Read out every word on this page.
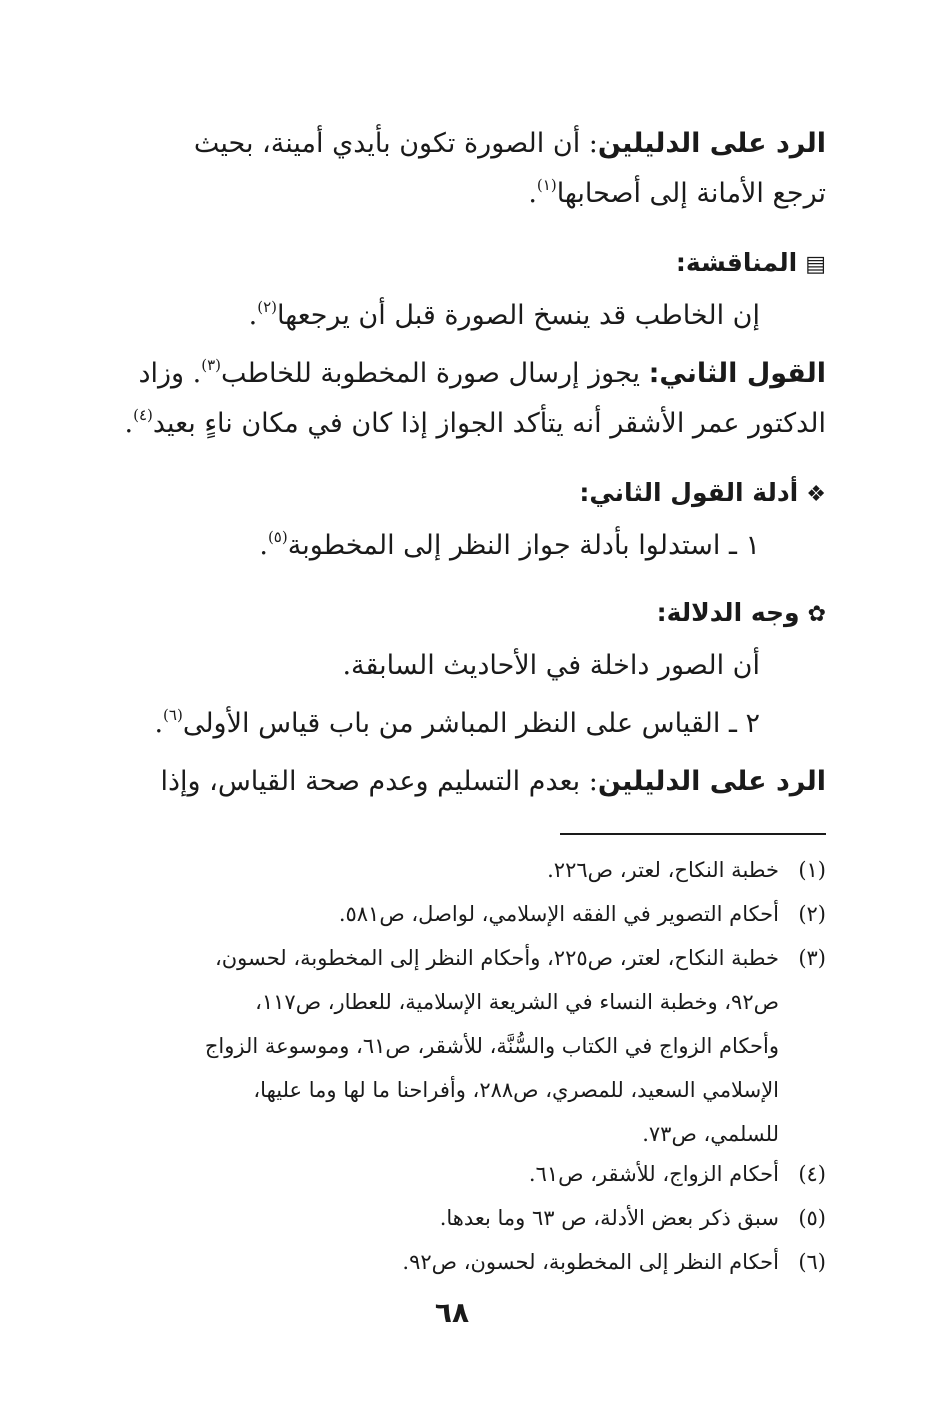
الرد على الدليلين: أن الصورة تكون بأيدي أمينة، بحيث
ترجع الأمانة إلى أصحابها$^{(١)}$.
▤المناقشة:
إن الخاطب قد ينسخ الصورة قبل أن يرجعها$^{(٢)}$.
القول الثاني: يجوز إرسال صورة المخطوبة للخاطب$^{(٣)}$. وزاد
الدكتور عمر الأشقر أنه يتأكد الجواز إذا كان في مكان ناءٍ بعيد$^{(٤)}$.
❖أدلة القول الثاني:
١ ـ استدلوا بأدلة جواز النظر إلى المخطوبة$^{(٥)}$.
✿وجه الدلالة:
أن الصور داخلة في الأحاديث السابقة.
٢ ـ القياس على النظر المباشر من باب قياس الأولى$^{(٦)}$.
الرد على الدليلين: بعدم التسليم وعدم صحة القياس، وإذا
(١)
خطبة النكاح، لعتر، ص٢٢٦.
(٢)
أحكام التصوير في الفقه الإسلامي، لواصل، ص٥٨١.
(٣)
خطبة النكاح، لعتر، ص٢٢٥، وأحكام النظر إلى المخطوبة، لحسون،
ص٩٢، وخطبة النساء في الشريعة الإسلامية، للعطار، ص١١٧،
وأحكام الزواج في الكتاب والسُّنَّة، للأشقر، ص٦١، وموسوعة الزواج
الإسلامي السعيد، للمصري، ص٢٨٨، وأفراحنا ما لها وما عليها،
للسلمي، ص٧٣.
(٤)
أحكام الزواج، للأشقر، ص٦١.
(٥)
سبق ذكر بعض الأدلة، ص ٦٣ وما بعدها.
(٦)
أحكام النظر إلى المخطوبة، لحسون، ص٩٢.
٦٨
